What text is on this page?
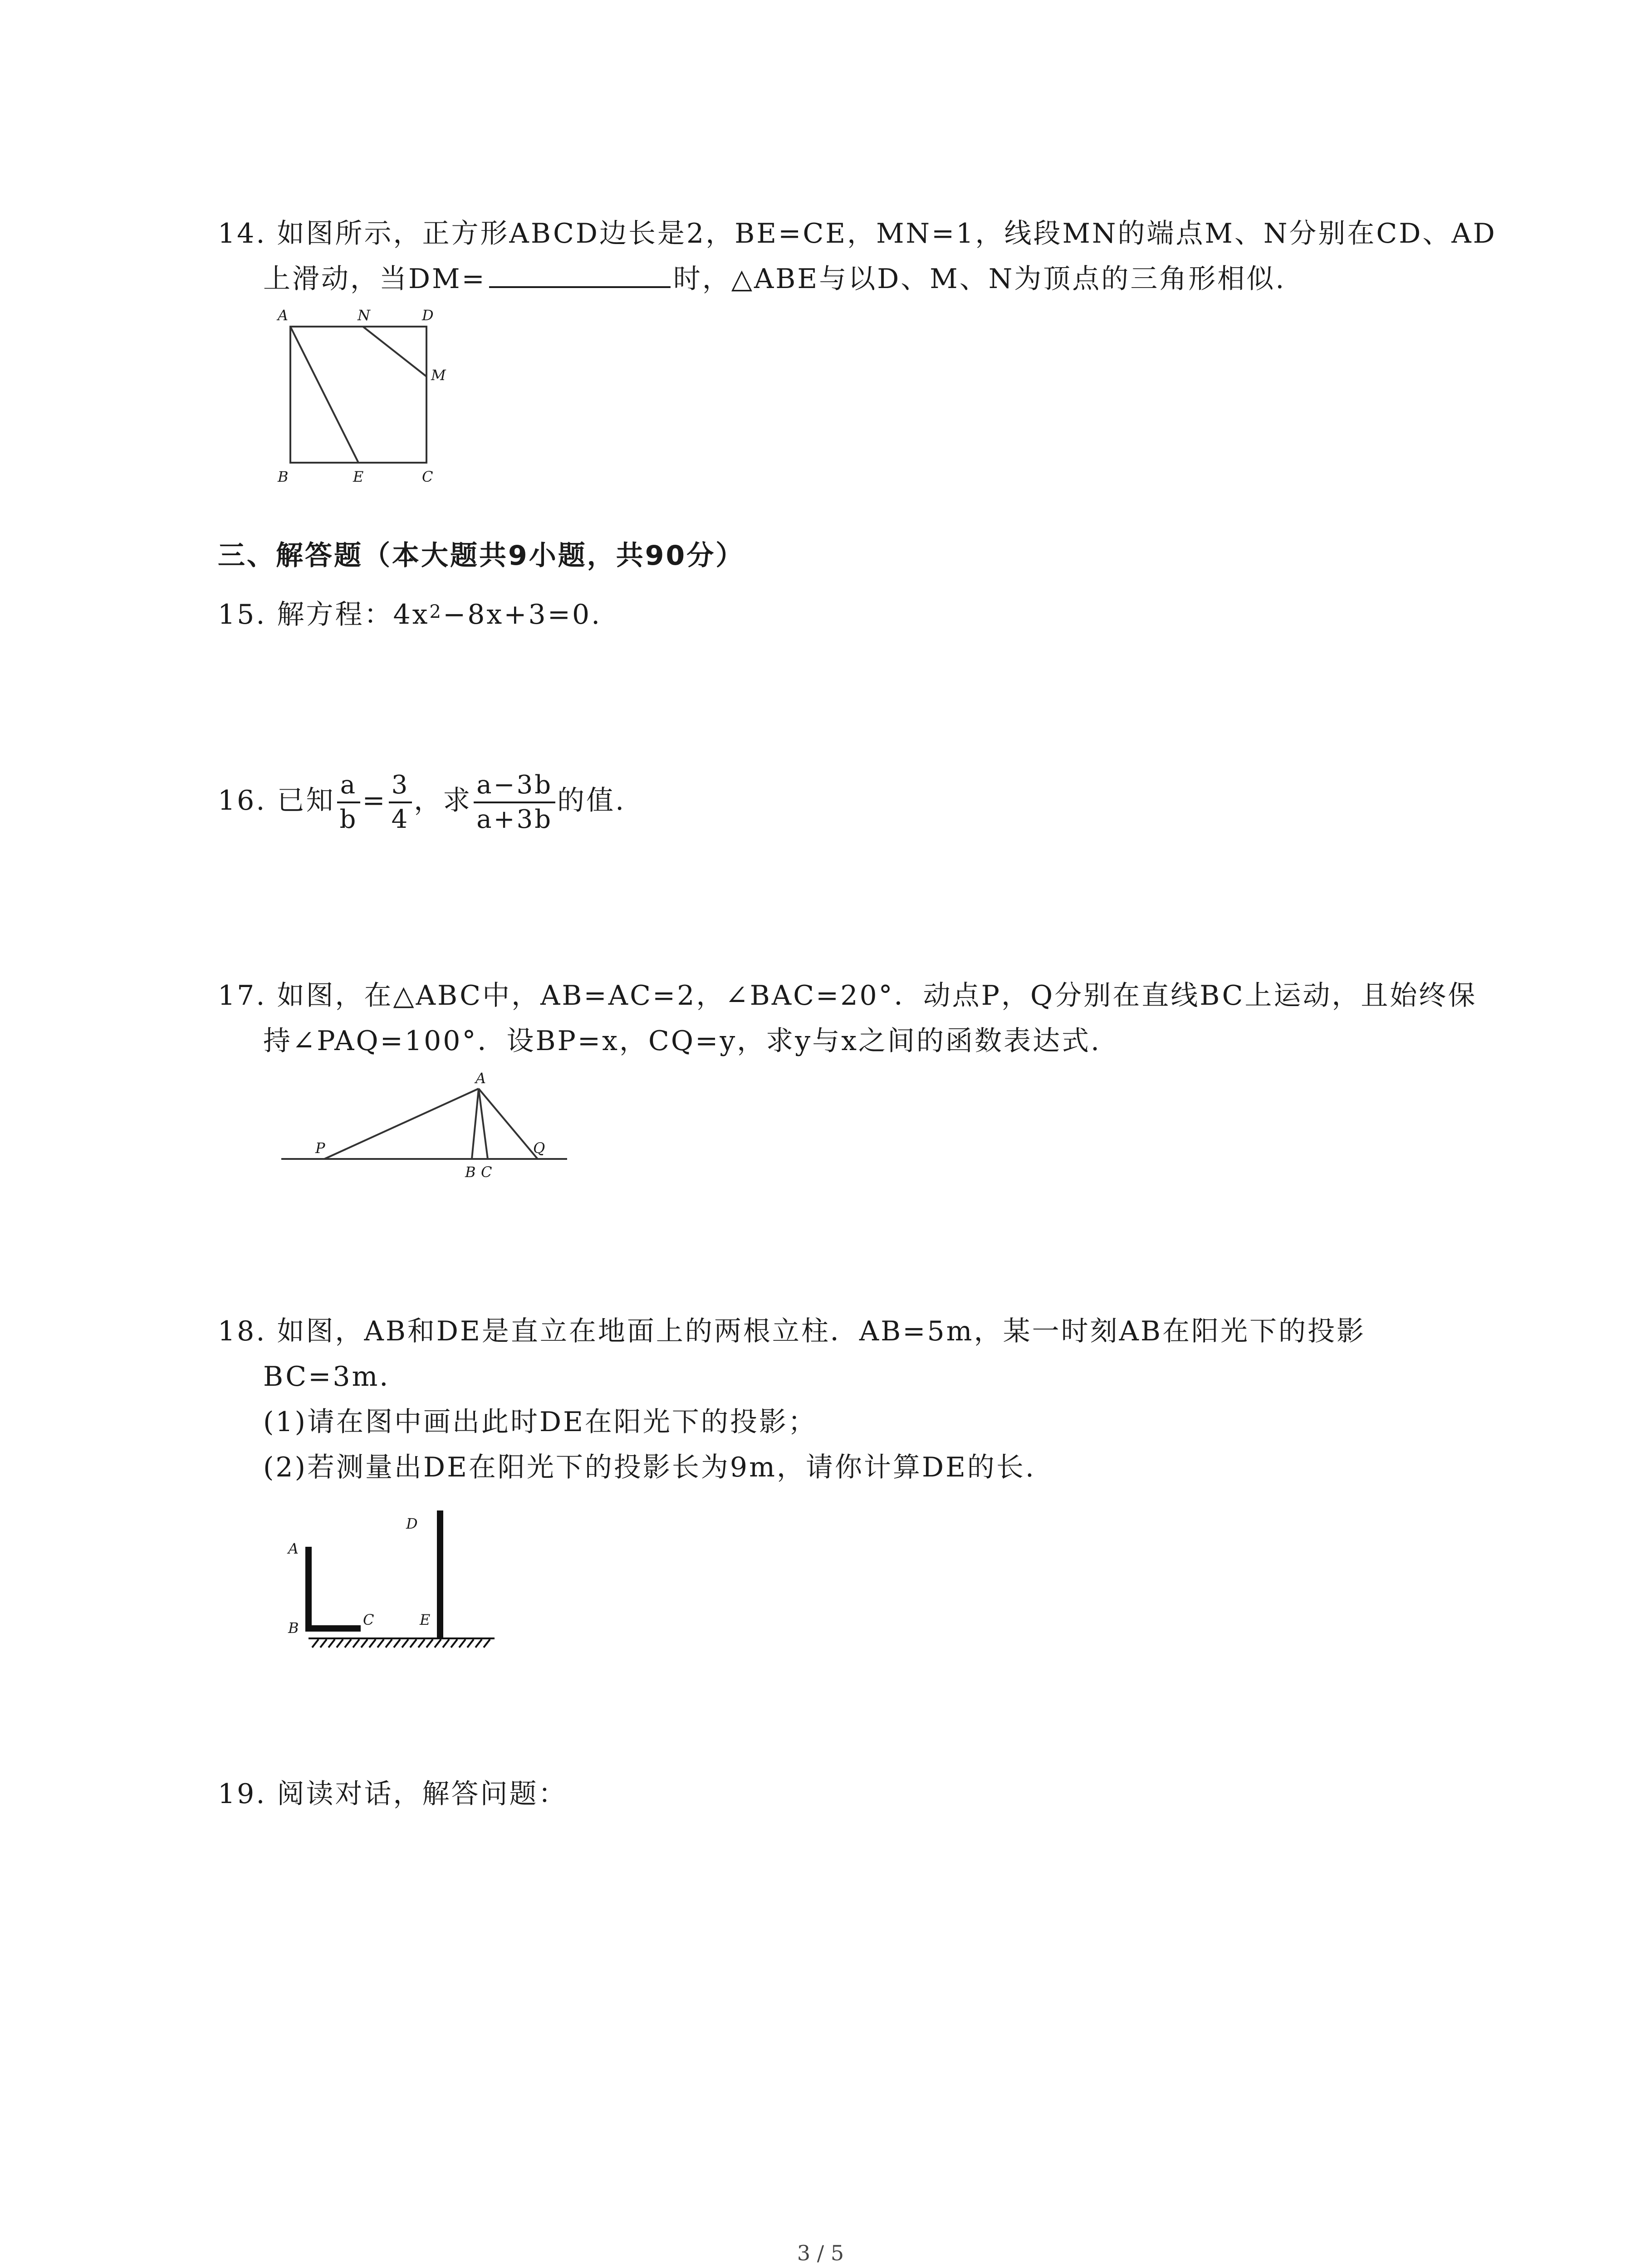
14. 如图所示，正方形ABCD边长是2，BE=CE，MN=1，线段MN的端点M、N分别在CD、AD
上滑动，当DM=	时，△ABE与以D、M、N为顶点的三角形相似.
A	N	D
M
B	E	C
三、解答题（本大题共9小题，共90分）
15. 解方程：$4x^2-8x+3=0$.
16. 已知 $\frac{a}{b} = \frac{3}{4}$ ，求 $\frac{a-3b}{a+3b}$ 的值.
17. 如图，在△ABC中，AB=AC=2，∠BAC=20°．动点P，Q分别在直线BC上运动，且始终保
持∠PAQ=100°．设BP=x，CQ=y，求y与x之间的函数表达式.
A
P	Q
B C
18. 如图，AB和DE是直立在地面上的两根立柱．AB=5m，某一时刻AB在阳光下的投影
BC=3m．
(1)请在图中画出此时DE在阳光下的投影；
(2)若测量出DE在阳光下的投影长为9m，请你计算DE的长.
A
B	C
D
E
19. 阅读对话，解答问题：
3 / 5
